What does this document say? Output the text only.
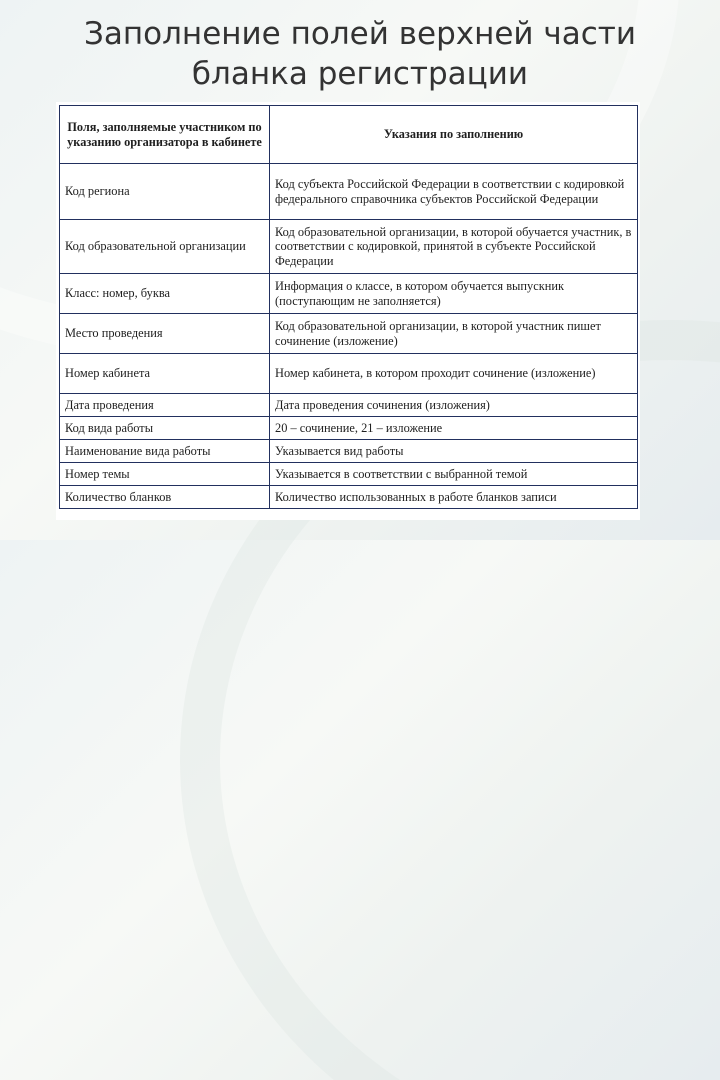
Заполнение полей верхней части
бланка регистрации
Поля, заполняемые участником по указанию организатора в кабинете	Указания по заполнению
Код региона	Код субъекта Российской Федерации в соответствии с кодировкой федерального справочника субъектов Российской Федерации
Код образовательной организации	Код образовательной организации, в которой обучается участник, в соответствии с кодировкой, принятой в субъекте Российской Федерации
Класс: номер, буква	Информация о классе, в котором обучается выпускник (поступающим не заполняется)
Место проведения	Код образовательной организации, в которой участник пишет сочинение (изложение)
Номер кабинета	Номер кабинета, в котором проходит сочинение (изложение)
Дата проведения	Дата проведения сочинения (изложения)
Код вида работы	20 – сочинение, 21 – изложение
Наименование вида работы	Указывается вид работы
Номер темы	Указывается в соответствии с выбранной темой
Количество бланков	Количество использованных в работе бланков записи
